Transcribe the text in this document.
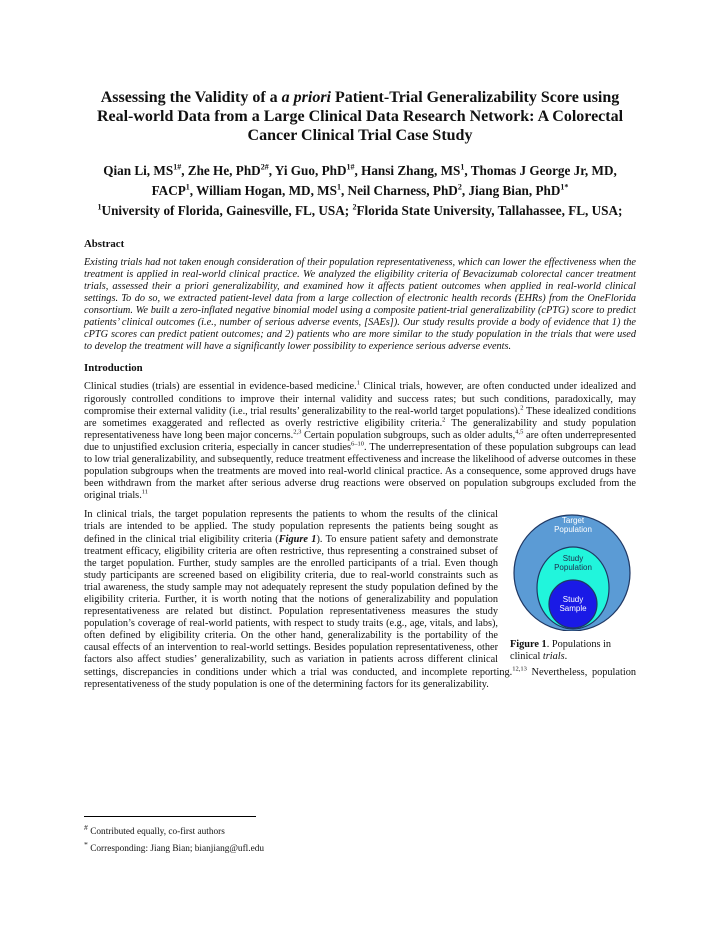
Assessing the Validity of a a priori Patient-Trial Generalizability Score using Real-world Data from a Large Clinical Data Research Network: A Colorectal Cancer Clinical Trial Case Study
Qian Li, $MS^{1\#}$, Zhe He, PhD$^{2\#}$, Yi Guo, PhD$^{1\#}$, Hansi Zhang, $MS^1$, Thomas J George Jr, MD, FACP$^1$, William Hogan, MD, $MS^1$, Neil Charness, PhD$^2$, Jiang Bian, PhD$^{1*}$
$^1$University of Florida, Gainesville, FL, USA; $^2$Florida State University, Tallahassee, FL, USA;
Abstract

Existing trials had not taken enough consideration of their population representativeness, which can lower the effectiveness when the treatment is applied in real-world clinical practice. We analyzed the eligibility criteria of Bevacizumab colorectal cancer treatment trials, assessed their a priori generalizability, and examined how it affects patient outcomes when applied in real-world clinical settings. To do so, we extracted patient-level data from a large collection of electronic health records (EHRs) from the OneFlorida consortium. We built a zero-inflated negative binomial model using a composite patient-trial generalizability (cPTG) score to predict patients’ clinical outcomes (i.e., number of serious adverse events, [SAEs]). Our study results provide a body of evidence that 1) the cPTG scores can predict patient outcomes; and 2) patients who are more similar to the study population in the trials that were used to develop the treatment will have a significantly lower possibility to experience serious adverse events.

Introduction

Clinical studies (trials) are essential in evidence-based medicine.$^1$ Clinical trials, however, are often conducted under idealized and rigorously controlled conditions to improve their internal validity and success rates; but such conditions, paradoxically, may compromise their external validity (i.e., trial results’ generalizability to the real-world target populations).$^2$ These idealized conditions are sometimes exaggerated and reflected as overly restrictive eligibility criteria.$^2$ The generalizability and study population representativeness have long been major concerns.$^{2,3}$ Certain population subgroups, such as older adults,$^{4,5}$ are often underrepresented due to unjustified exclusion criteria, especially in cancer studies$^{6-10}$. The underrepresentation of these population subgroups can lead to low trial generalizability, and subsequently, reduce treatment effectiveness and increase the likelihood of adverse outcomes in these population subgroups when the treatments are moved into real-world clinical practice. As a consequence, some approved drugs have been withdrawn from the market after serious adverse drug reactions were observed on population subgroups excluded from the original trials.$^{11}$

Target
Population
Study
Population
Study
Sample
Figure 1. Populations in clinical trials.

In clinical trials, the target population represents the patients to whom the results of the clinical trials are intended to be applied. The study population represents the patients being sought as defined in the clinical trial eligibility criteria (Figure 1). To ensure patient safety and demonstrate treatment efficacy, eligibility criteria are often restrictive, thus representing a constrained subset of the target population. Further, study samples are the enrolled participants of a trial. Even though study participants are screened based on eligibility criteria, due to real-world constraints such as trial awareness, the study sample may not adequately represent the study population defined by the eligibility criteria. Further, it is worth noting that the notions of generalizability and population representativeness are related but distinct. Population representativeness measures the study population’s coverage of real-world patients, with respect to study traits (e.g., age, vitals, and labs), often defined by eligibility criteria. On the other hand, generalizability is the portability of the causal effects of an intervention to real-world settings. Besides population representativeness, other factors also affect studies’ generalizability, such as variation in patients across different clinical settings, discrepancies in conditions under which a trial was conducted, and incomplete reporting.$^{12,13}$ Nevertheless, population representativeness of the study population is one of the determining factors for its generalizability.

# Contributed equally, co-first authors
* Corresponding: Jiang Bian; bianjiang@ufl.edu
